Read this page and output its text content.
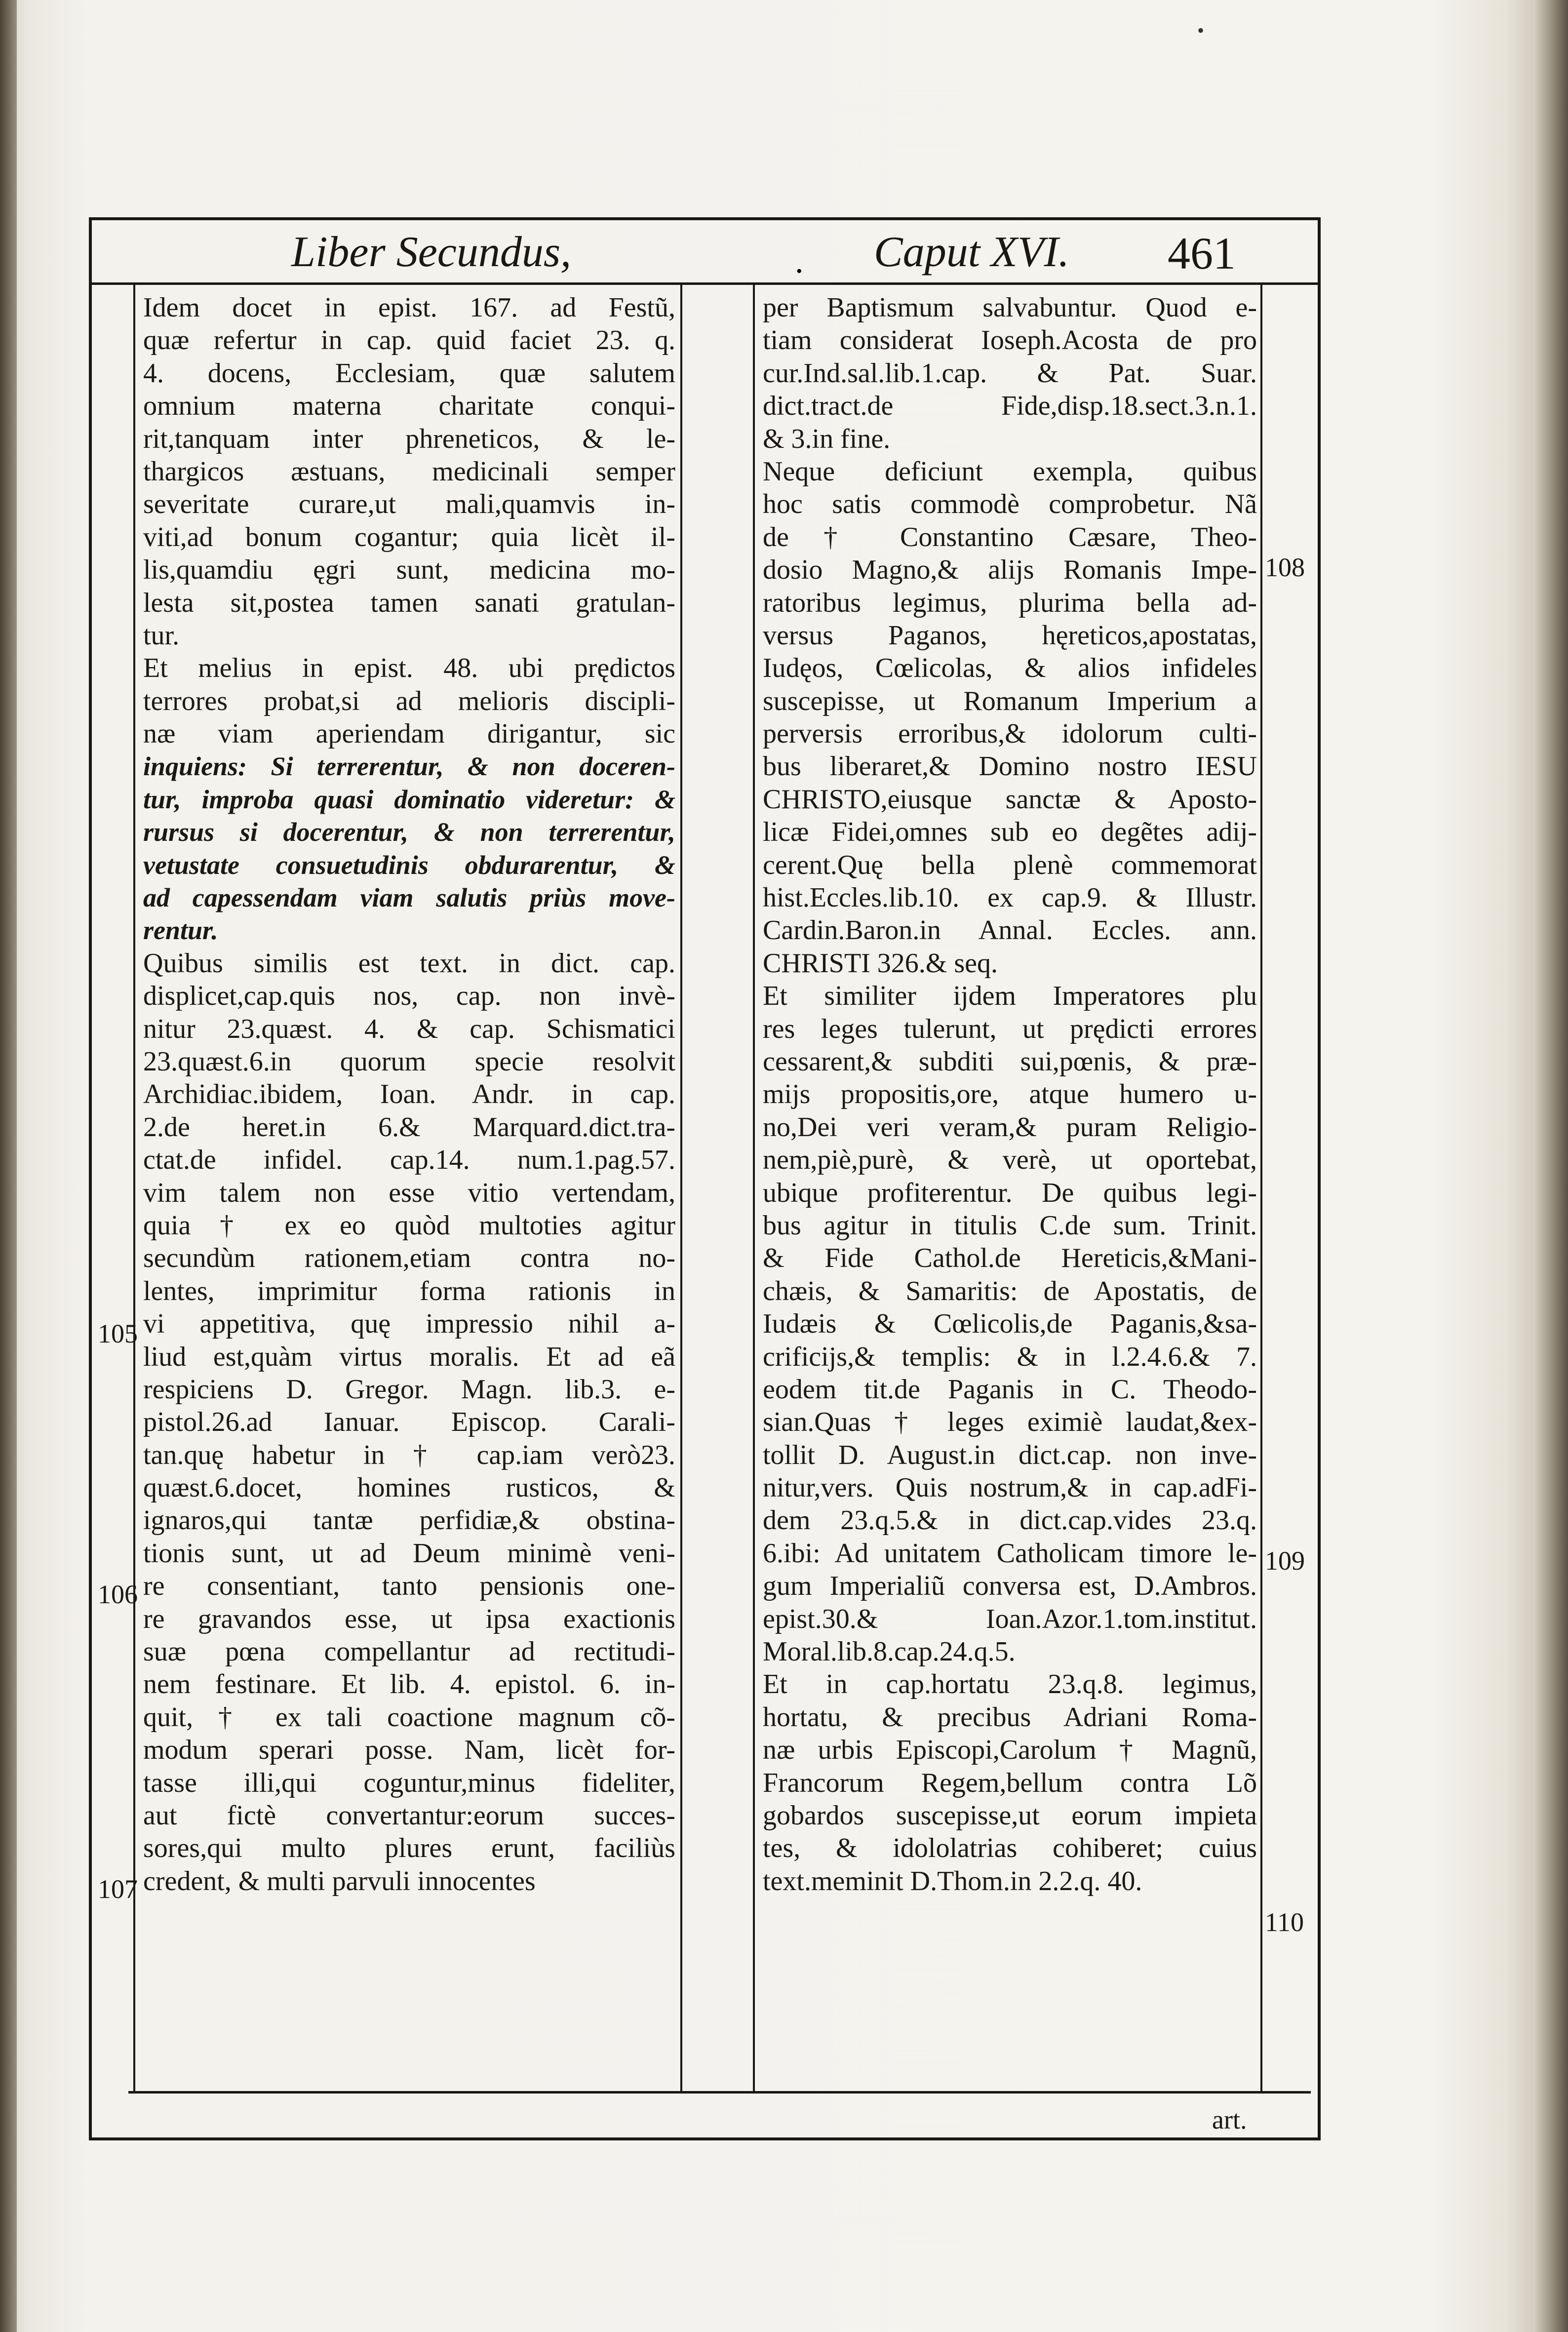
•
Liber Secundus,	. Caput XVI. 461
Idem docet in epist. 167. ad Festũ,
quæ refertur in cap. quid faciet 23. q.
4. docens, Ecclesiam, quæ salutem
omnium materna charitate conqui-
rit,tanquam inter phreneticos, & le-
thargicos æstuans, medicinali semper
severitate curare,ut mali,quamvis in-
viti,ad bonum cogantur; quia licèt il-
lis,quamdiu ęgri sunt, medicina mo-
lesta sit,postea tamen sanati gratulan-
tur.
Et melius in epist. 48. ubi prędictos
terrores probat,si ad melioris discipli-
næ viam aperiendam dirigantur, sic
inquiens: Si terrerentur, & non doceren-
tur, improba quasi dominatio videretur: &
rursus si docerentur, & non terrerentur,
vetustate consuetudinis obdurarentur, &
ad capessendam viam salutis priùs move-
rentur.
Quibus similis est text. in dict. cap.
displicet,cap.quis nos, cap. non invè-
nitur 23.quæst. 4. & cap. Schismatici
23.quæst.6.in quorum specie resolvit
Archidiac.ibidem, Ioan. Andr. in cap.
2.de heret.in 6.& Marquard.dict.tra-
ctat.de infidel. cap.14. num.1.pag.57.
vim talem non esse vitio vertendam,
quia † ex eo quòd multoties agitur
secundùm rationem,etiam contra no-
lentes, imprimitur forma rationis in
vi appetitiva, quę impressio nihil a-
liud est,quàm virtus moralis. Et ad eã
respiciens D. Gregor. Magn. lib.3. e-
pistol.26.ad Ianuar. Episcop. Carali-
tan.quę habetur in † cap.iam verò23.
quæst.6.docet, homines rusticos, &
ignaros,qui tantæ perfidiæ,& obstina-
tionis sunt, ut ad Deum minimè veni-
re consentiant, tanto pensionis one-
re gravandos esse, ut ipsa exactionis
suæ pœna compellantur ad rectitudi-
nem festinare. Et lib. 4. epistol. 6. in-
quit, † ex tali coactione magnum cõ-
modum sperari posse. Nam, licèt for-
tasse illi,qui coguntur,minus fideliter,
aut fictè convertantur:eorum succes-
sores,qui multo plures erunt, faciliùs
credent, & multi parvuli innocentes
per Baptismum salvabuntur. Quod e-
tiam considerat Ioseph.Acosta de pro
cur.Ind.sal.lib.1.cap. & Pat. Suar.
dict.tract.de Fide,disp.18.sect.3.n.1.
& 3.in fine.
Neque deficiunt exempla, quibus
hoc satis commodè comprobetur. Nã
de † Constantino Cæsare, Theo-
dosio Magno,& alijs Romanis Impe-
ratoribus legimus, plurima bella ad-
versus Paganos, hęreticos,apostatas,
Iudęos, Cœlicolas, & alios infideles
suscepisse, ut Romanum Imperium a
perversis erroribus,& idolorum culti-
bus liberaret,& Domino nostro IESU
CHRISTO,eiusque sanctæ & Aposto-
licæ Fidei,omnes sub eo degẽtes adij-
cerent.Quę bella plenè commemorat
hist.Eccles.lib.10. ex cap.9. & Illustr.
Cardin.Baron.in Annal. Eccles. ann.
CHRISTI 326.& seq.
Et similiter ijdem Imperatores plu
res leges tulerunt, ut prędicti errores
cessarent,& subditi sui,pœnis, & præ-
mijs propositis,ore, atque humero u-
no,Dei veri veram,& puram Religio-
nem,piè,purè, & verè, ut oportebat,
ubique profiterentur. De quibus legi-
bus agitur in titulis C.de sum. Trinit.
& Fide Cathol.de Hereticis,&Mani-
chæis, & Samaritis: de Apostatis, de
Iudæis & Cœlicolis,de Paganis,&sa-
crificijs,& templis: & in l.2.4.6.& 7.
eodem tit.de Paganis in C. Theodo-
sian.Quas † leges eximiè laudat,&ex-
tollit D. August.in dict.cap. non inve-
nitur,vers. Quis nostrum,& in cap.adFi-
dem 23.q.5.& in dict.cap.vides 23.q.
6.ibi: Ad unitatem Catholicam timore le-
gum Imperialiũ conversa est, D.Ambros.
epist.30.& Ioan.Azor.1.tom.institut.
Moral.lib.8.cap.24.q.5.
Et in cap.hortatu 23.q.8. legimus,
hortatu, & precibus Adriani Roma-
næ urbis Episcopi,Carolum † Magnũ,
Francorum Regem,bellum contra Lõ
gobardos suscepisse,ut eorum impieta
tes, & idololatrias cohiberet; cuius
text.meminit D.Thom.in 2.2.q. 40.
105
106
107
108
109
110
art.
